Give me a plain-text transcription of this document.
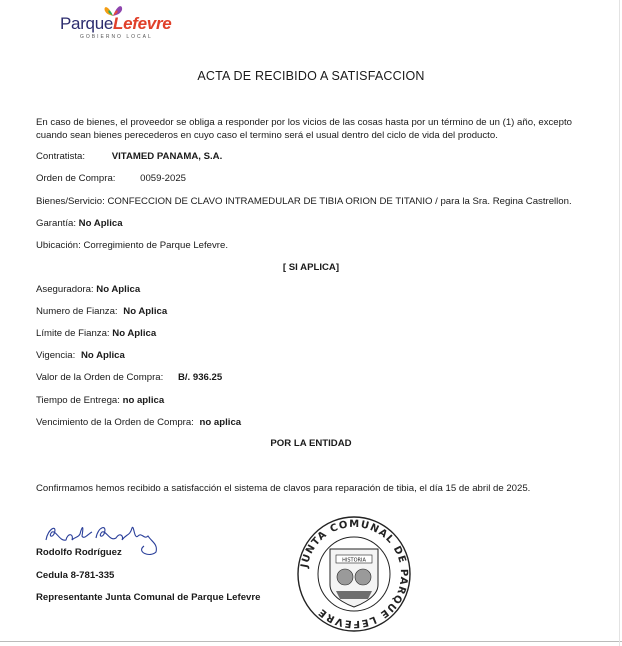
ParqueLefevre
GOBIERNO LOCAL
ACTA DE RECIBIDO A SATISFACCION
En caso de bienes, el proveedor se obliga a responder por los vicios de las cosas hasta por un término de un (1) año, excepto cuando sean bienes perecederos en cuyo caso el termino será el usual dentro del ciclo de vida del producto.
Contratista:	VITAMED PANAMA, S.A.
Orden de Compra:	0059-2025
Bienes/Servicio: CONFECCION DE CLAVO INTRAMEDULAR DE TIBIA ORION DE TITANIO / para la Sra. Regina Castrellon.
Garantía: No Aplica
Ubicación: Corregimiento de Parque Lefevre.
[ SI APLICA]
Aseguradora: No Aplica
Numero de Fianza: No Aplica
Límite de Fianza: No Aplica
Vigencia: No Aplica
Valor de la Orden de Compra: B/. 936.25
Tiempo de Entrega: no aplica
Vencimiento de la Orden de Compra: no aplica
POR LA ENTIDAD
Confirmamos hemos recibido a satisfacción el sistema de clavos para reparación de tibia, el día 15 de abril de 2025.
Rodolfo Rodríguez
Cedula 8-781-335
Representante Junta Comunal de Parque Lefevre
JUNTA COMUNAL DE PARQUE LEFEVRE
HISTORIA
